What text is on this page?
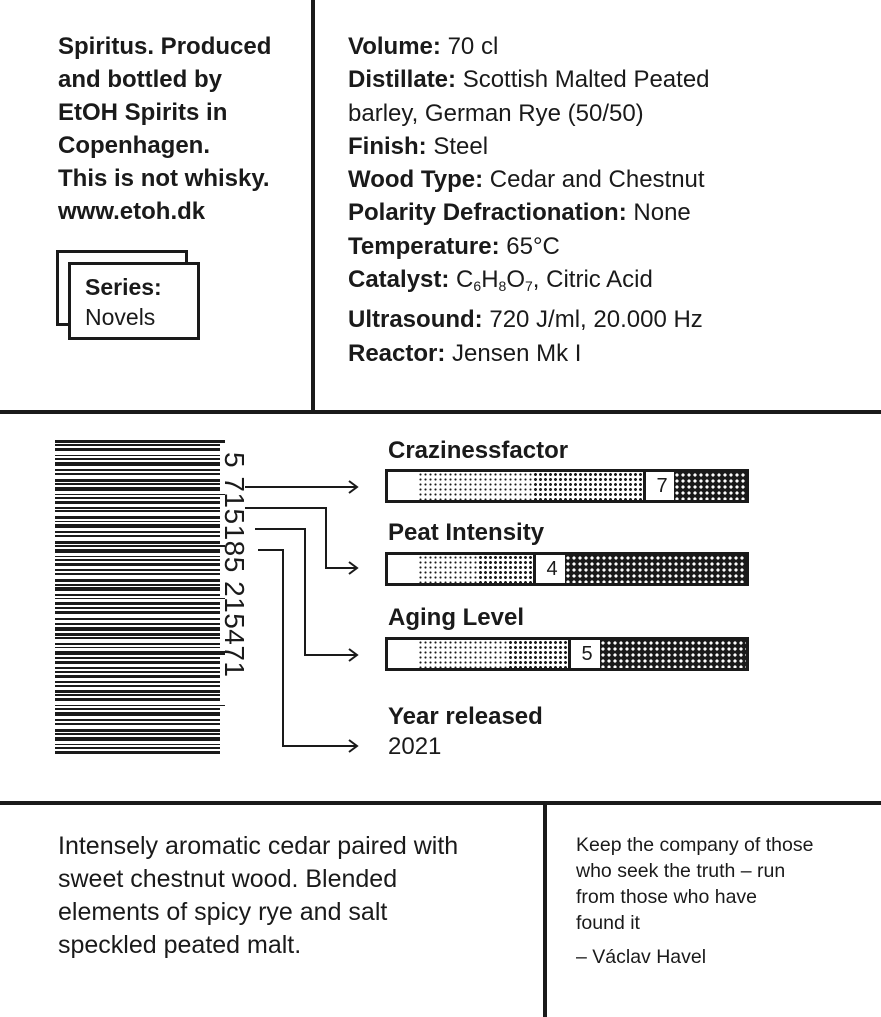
Spiritus. Produced
and bottled by
EtOH Spirits in
Copenhagen.
This is not whisky.
www.etoh.dk
Series:
Novels
Volume: 70 cl
Distillate: Scottish Malted Peated
barley, German Rye (50/50)
Finish: Steel
Wood Type: Cedar and Chestnut
Polarity Defractionation: None
Temperature: 65°C
Catalyst: $C_6H_8O_7$, Citric Acid
Ultrasound: 720 J/ml, 20.000 Hz
Reactor: Jensen Mk I
5 715185 215471
Crazinessfactor
7
Peat Intensity
4
Aging Level
5
Year released
2021
Intensely aromatic cedar paired with
sweet chestnut wood. Blended
elements of spicy rye and salt
speckled peated malt.
Keep the company of those
who seek the truth – run
from those who have
found it
– Václav Havel
